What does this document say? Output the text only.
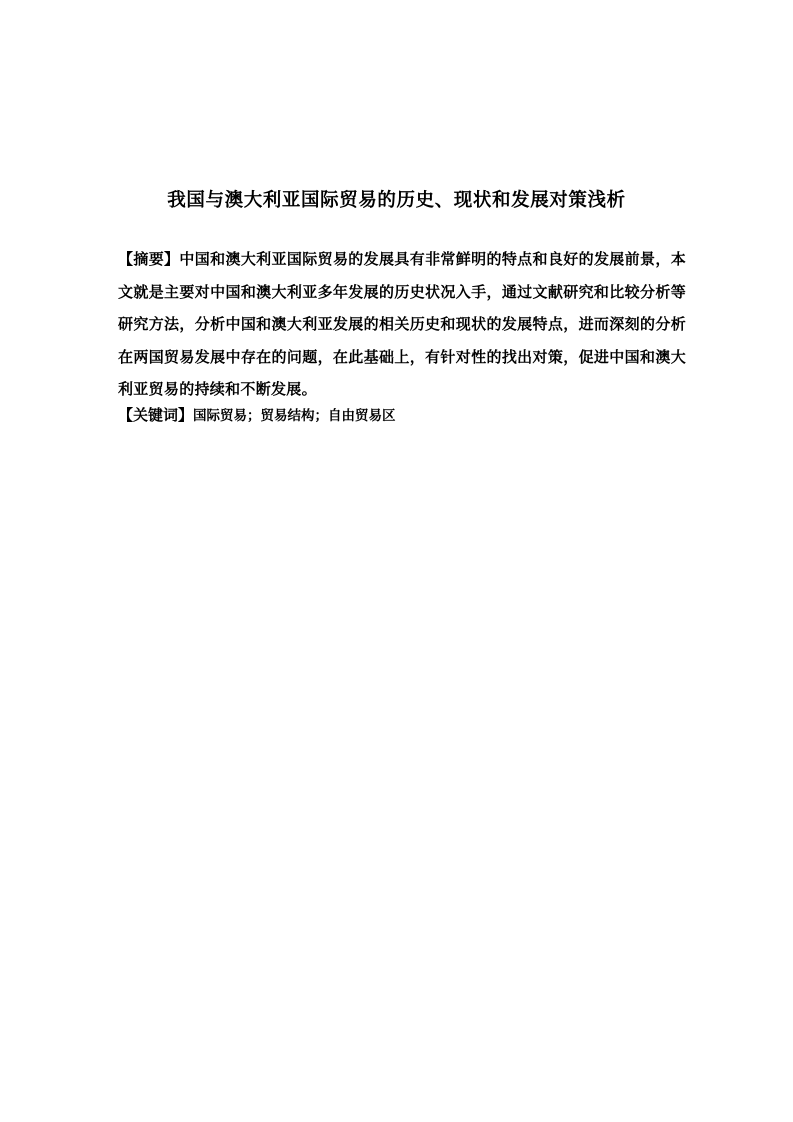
我国与澳大利亚国际贸易的历史、现状和发展对策浅析

【摘要】中国和澳大利亚国际贸易的发展具有非常鲜明的特点和良好的发展前景，本文就是主要对中国和澳大利亚多年发展的历史状况入手，通过文献研究和比较分析等研究方法，分析中国和澳大利亚发展的相关历史和现状的发展特点，进而深刻的分析在两国贸易发展中存在的问题，在此基础上，有针对性的找出对策，促进中国和澳大利亚贸易的持续和不断发展。

【关键词】国际贸易；贸易结构；自由贸易区
